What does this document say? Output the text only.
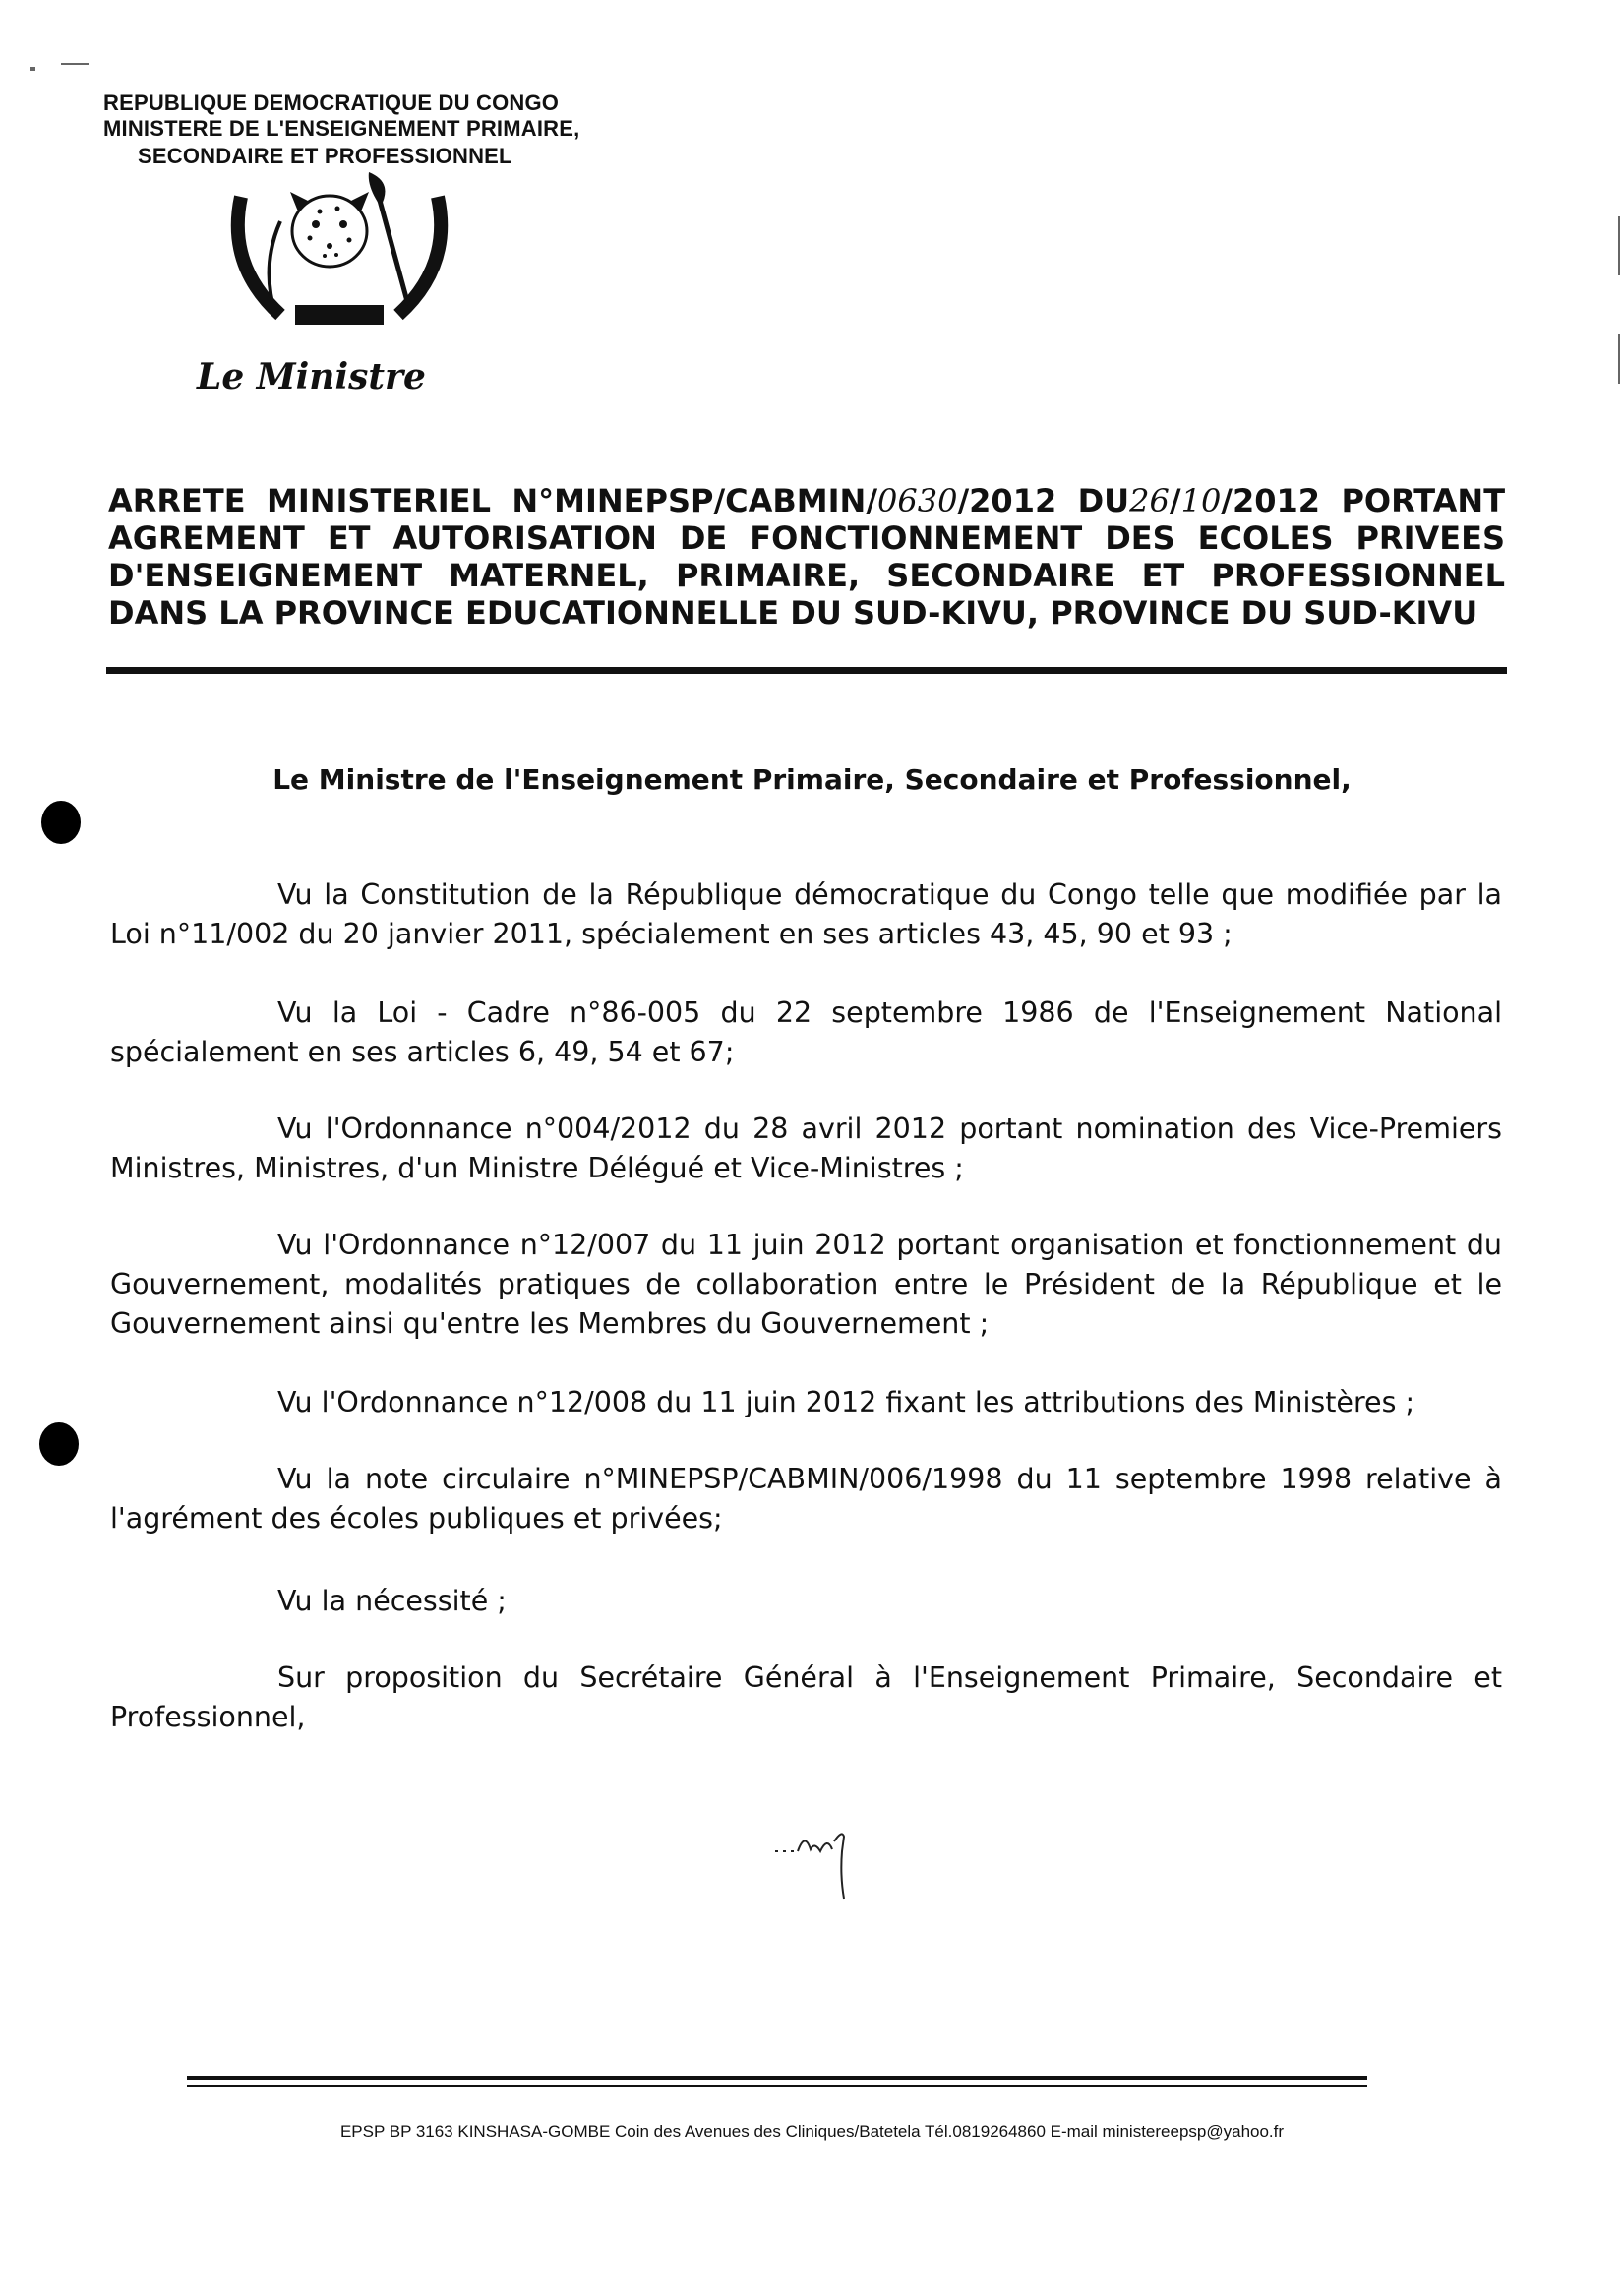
REPUBLIQUE DEMOCRATIQUE DU CONGO
MINISTERE DE L'ENSEIGNEMENT PRIMAIRE,
SECONDAIRE ET PROFESSIONNEL
Le Ministre
ARRETE MINISTERIEL N°MINEPSP/CABMIN/0630/2012 DU26/10/2012 PORTANT AGREMENT ET AUTORISATION DE FONCTIONNEMENT DES ECOLES PRIVEES D'ENSEIGNEMENT MATERNEL, PRIMAIRE, SECONDAIRE ET PROFESSIONNEL DANS LA PROVINCE EDUCATIONNELLE DU SUD-KIVU, PROVINCE DU SUD-KIVU
Le Ministre de l'Enseignement Primaire, Secondaire et Professionnel,
Vu la Constitution de la République démocratique du Congo telle que modifiée par la Loi n°11/002 du 20 janvier 2011, spécialement en ses articles 43, 45, 90 et 93 ;
Vu la Loi - Cadre n°86-005 du 22 septembre 1986 de l'Enseignement National spécialement en ses articles 6, 49, 54 et 67;
Vu l'Ordonnance n°004/2012 du 28 avril 2012 portant nomination des Vice-Premiers Ministres, Ministres, d'un Ministre Délégué et Vice-Ministres ;
Vu l'Ordonnance n°12/007 du 11 juin 2012 portant organisation et fonctionnement du Gouvernement, modalités pratiques de collaboration entre le Président de la République et le Gouvernement ainsi qu'entre les Membres du Gouvernement ;
Vu l'Ordonnance n°12/008 du 11 juin 2012 fixant les attributions des Ministères ;
Vu la note circulaire n°MINEPSP/CABMIN/006/1998 du 11 septembre 1998 relative à l'agrément des écoles publiques et privées;
Vu la nécessité ;
Sur proposition du Secrétaire Général à l'Enseignement Primaire, Secondaire et Professionnel,
EPSP BP 3163 KINSHASA-GOMBE Coin des Avenues des Cliniques/Batetela Tél.0819264860 E-mail ministereepsp@yahoo.fr
